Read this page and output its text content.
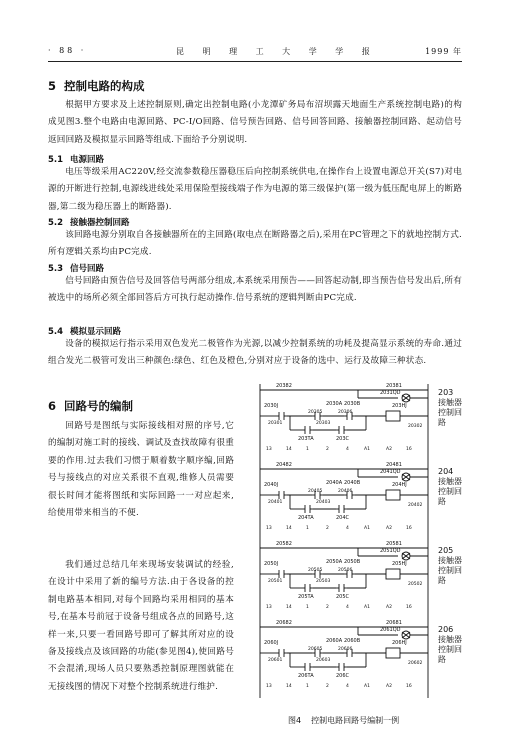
· 88 ·	昆 明 理 工 大 学 学 报	1999 年
5 控制电路的构成
根据甲方要求及上述控制原则,确定出控制电路(小龙潭矿务局布沼坝露天地面生产系统控制电路)的构成见图3.整个电路由电源回路、PC-I/O回路、信号预告回路、信号回答回路、接触器控制回路、起动信号返回回路及模拟显示回路等组成.下面给予分别说明.
5.1 电源回路
电压等级采用AC220V,经交流参数稳压器稳压后向控制系统供电,在操作台上设置电源总开关(S7)对电源的开断进行控制,电源线进线处采用保险型接线端子作为电源的第三级保护(第一级为低压配电屏上的断路器,第二级为稳压器上的断路器).
5.2 接触器控制回路
该回路电源分别取自各接触器所在的主回路(取电点在断路器之后),采用在PC管理之下的就地控制方式.所有逻辑关系均由PC完成.
5.3 信号回路
信号回路由预告信号及回答信号两部分组成,本系统采用预告——回答起动制,即当预告信号发出后,所有被选中的场所必须全部回答后方可执行起动操作.信号系统的逻辑判断由PC完成.
5.4 模拟显示回路
设备的模拟运行指示采用双色发光二极管作为光源,以减少控制系统的功耗及提高显示系统的寿命.通过组合发光二极管可发出三种颜色:绿色、红色及橙色,分别对应于设备的选中、运行及故障三种状态.
6 回路号的编制
回路号是图纸与实际接线相对照的序号,它的编制对施工时的接线、调试及查找故障有很重要的作用.过去我们习惯于顺着数字顺序编,回路号与接线点的对应关系很不直观,维修人员需要很长时间才能将图纸和实际回路一一对应起来,给使用带来相当的不便.
我们通过总结几年来现场安装调试的经验,在设计中采用了新的编号方法.由于各设备的控制电路基本相同,对每个回路均采用相同的基本号,在基本号前冠于设备号组成各点的回路号,这样一来,只要一看回路号即可了解其所对应的设备及接线点及该回路的功能(参见图4),使回路号不会混淆,现场人员只要熟悉控制原理图就能在无接线图的情况下对整个控制系统进行维护.
20382	20381
2031QD
2030J	2030A 2030B
20305	20306
203HJ
20302
203TA	203C
20301	20303
13	14	1	2	4	A1	A2	16
20482	20481
2041QD
2040J	2040A 2040B
20405	20406
204HJ
20402
204TA	204C
20401	20403
13	14	1	2	4	A1	A2	16
20582	20581
2051QD
2050J	2050A 2050B
20505	20506
205HJ
20502
205TA	205C
20501	20503
13	14	1	2	4	A1	A2	16
20682	20681
2061QD
2060J	2060A 2060B
20605	20606
206HJ
20602
206TA	206C
20601	20603
13	14	1	2	4	A1	A2	16
203 接触器控制回路
204 接触器控制回路
205 接触器控制回路
206 接触器控制回路
图4 控制电路回路号编制一例
